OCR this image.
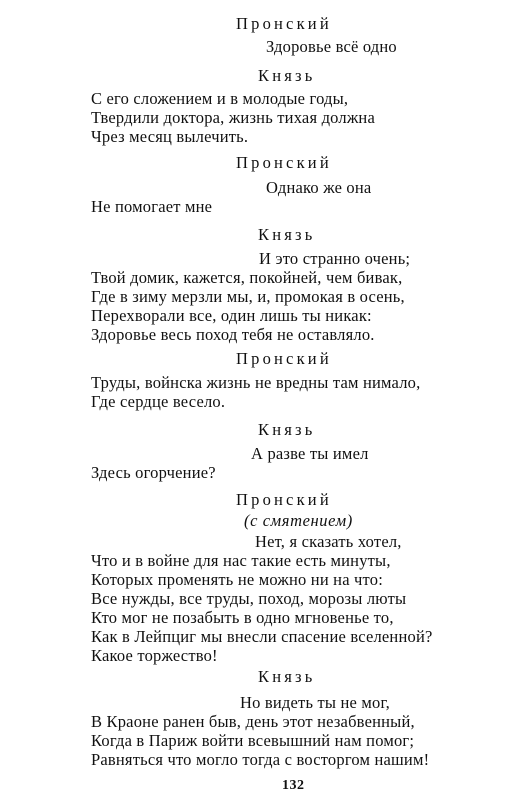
Пронский
Здоровье всё одно
Князь
С его сложением и в молодые годы,
Твердили доктора, жизнь тихая должна
Чрез месяц вылечить.
Пронский
Однако же она
Не помогает мне
Князь
И это странно очень;
Твой домик, кажется, покойней, чем бивак,
Где в зиму мерзли мы, и, промокая в осень,
Перехворали все, один лишь ты никак:
Здоровье весь поход тебя не оставляло.
Пронский
Труды, войнска жизнь не вредны там нимало,
Где сердце весело.
Князь
А разве ты имел
Здесь огорчение?
Пронский
(с смятением)
Нет, я сказать хотел,
Что и в войне для нас такие есть минуты,
Которых променять не можно ни на что:
Все нужды, все труды, поход, морозы люты
Кто мог не позабыть в одно мгновенье то,
Как в Лейпциг мы внесли спасение вселенной?
Какое торжество!
Князь
Но видеть ты не мог,
В Краоне ранен быв, день этот незабвенный,
Когда в Париж войти всевышний нам помог;
Равняться что могло тогда с восторгом нашим!
132
